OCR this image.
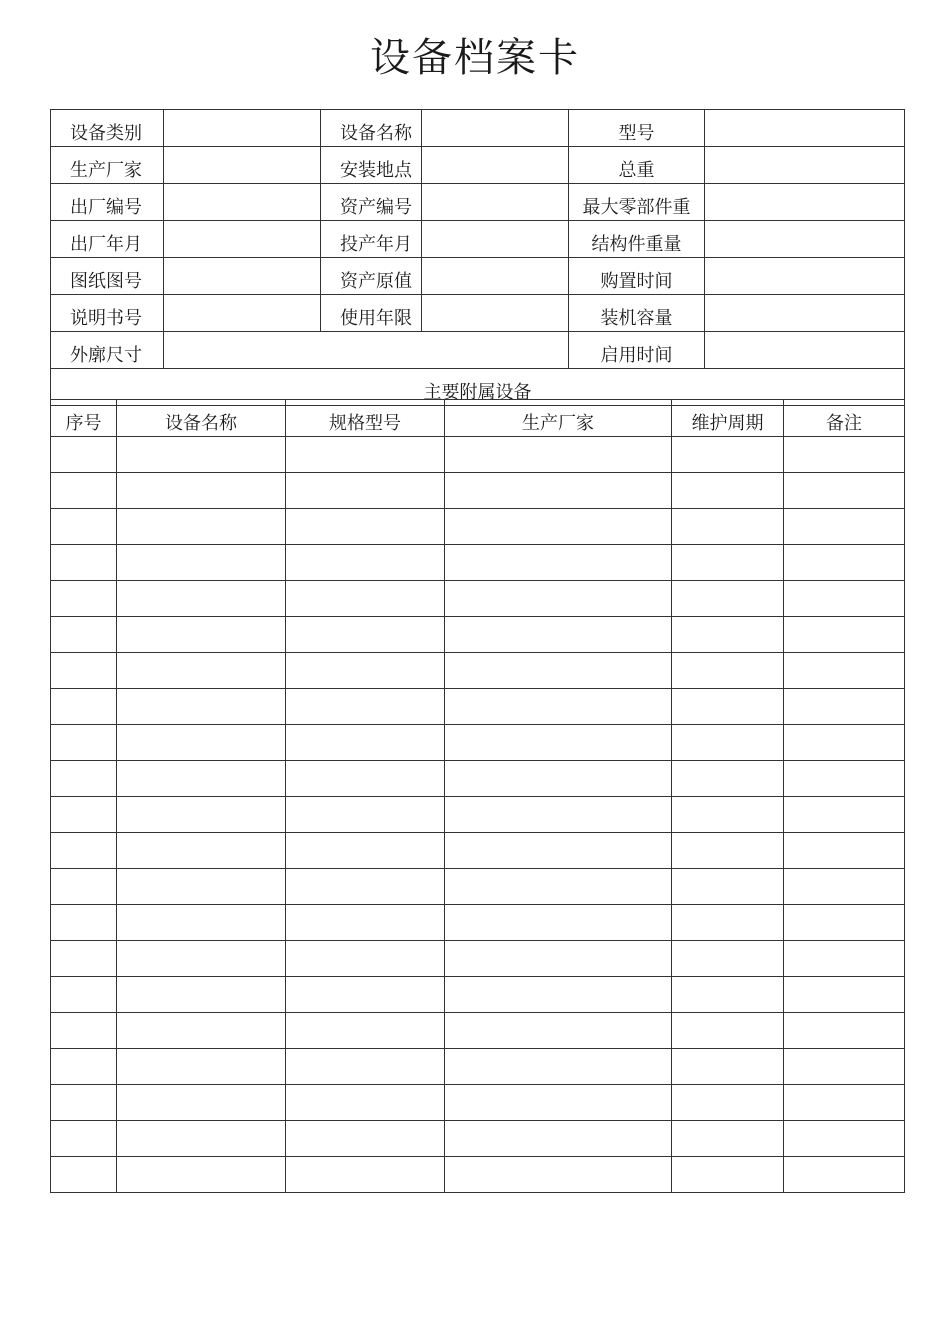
设备档案卡
设备类别		设备名称		型号	
生产厂家		安装地点		总重	
出厂编号		资产编号		最大零部件重	
出厂年月		投产年月		结构件重量	
图纸图号		资产原值		购置时间	
说明书号		使用年限		装机容量	
外廓尺寸				启用时间	
主要附属设备					
序号	设备名称	规格型号	生产厂家	维护周期	备注
